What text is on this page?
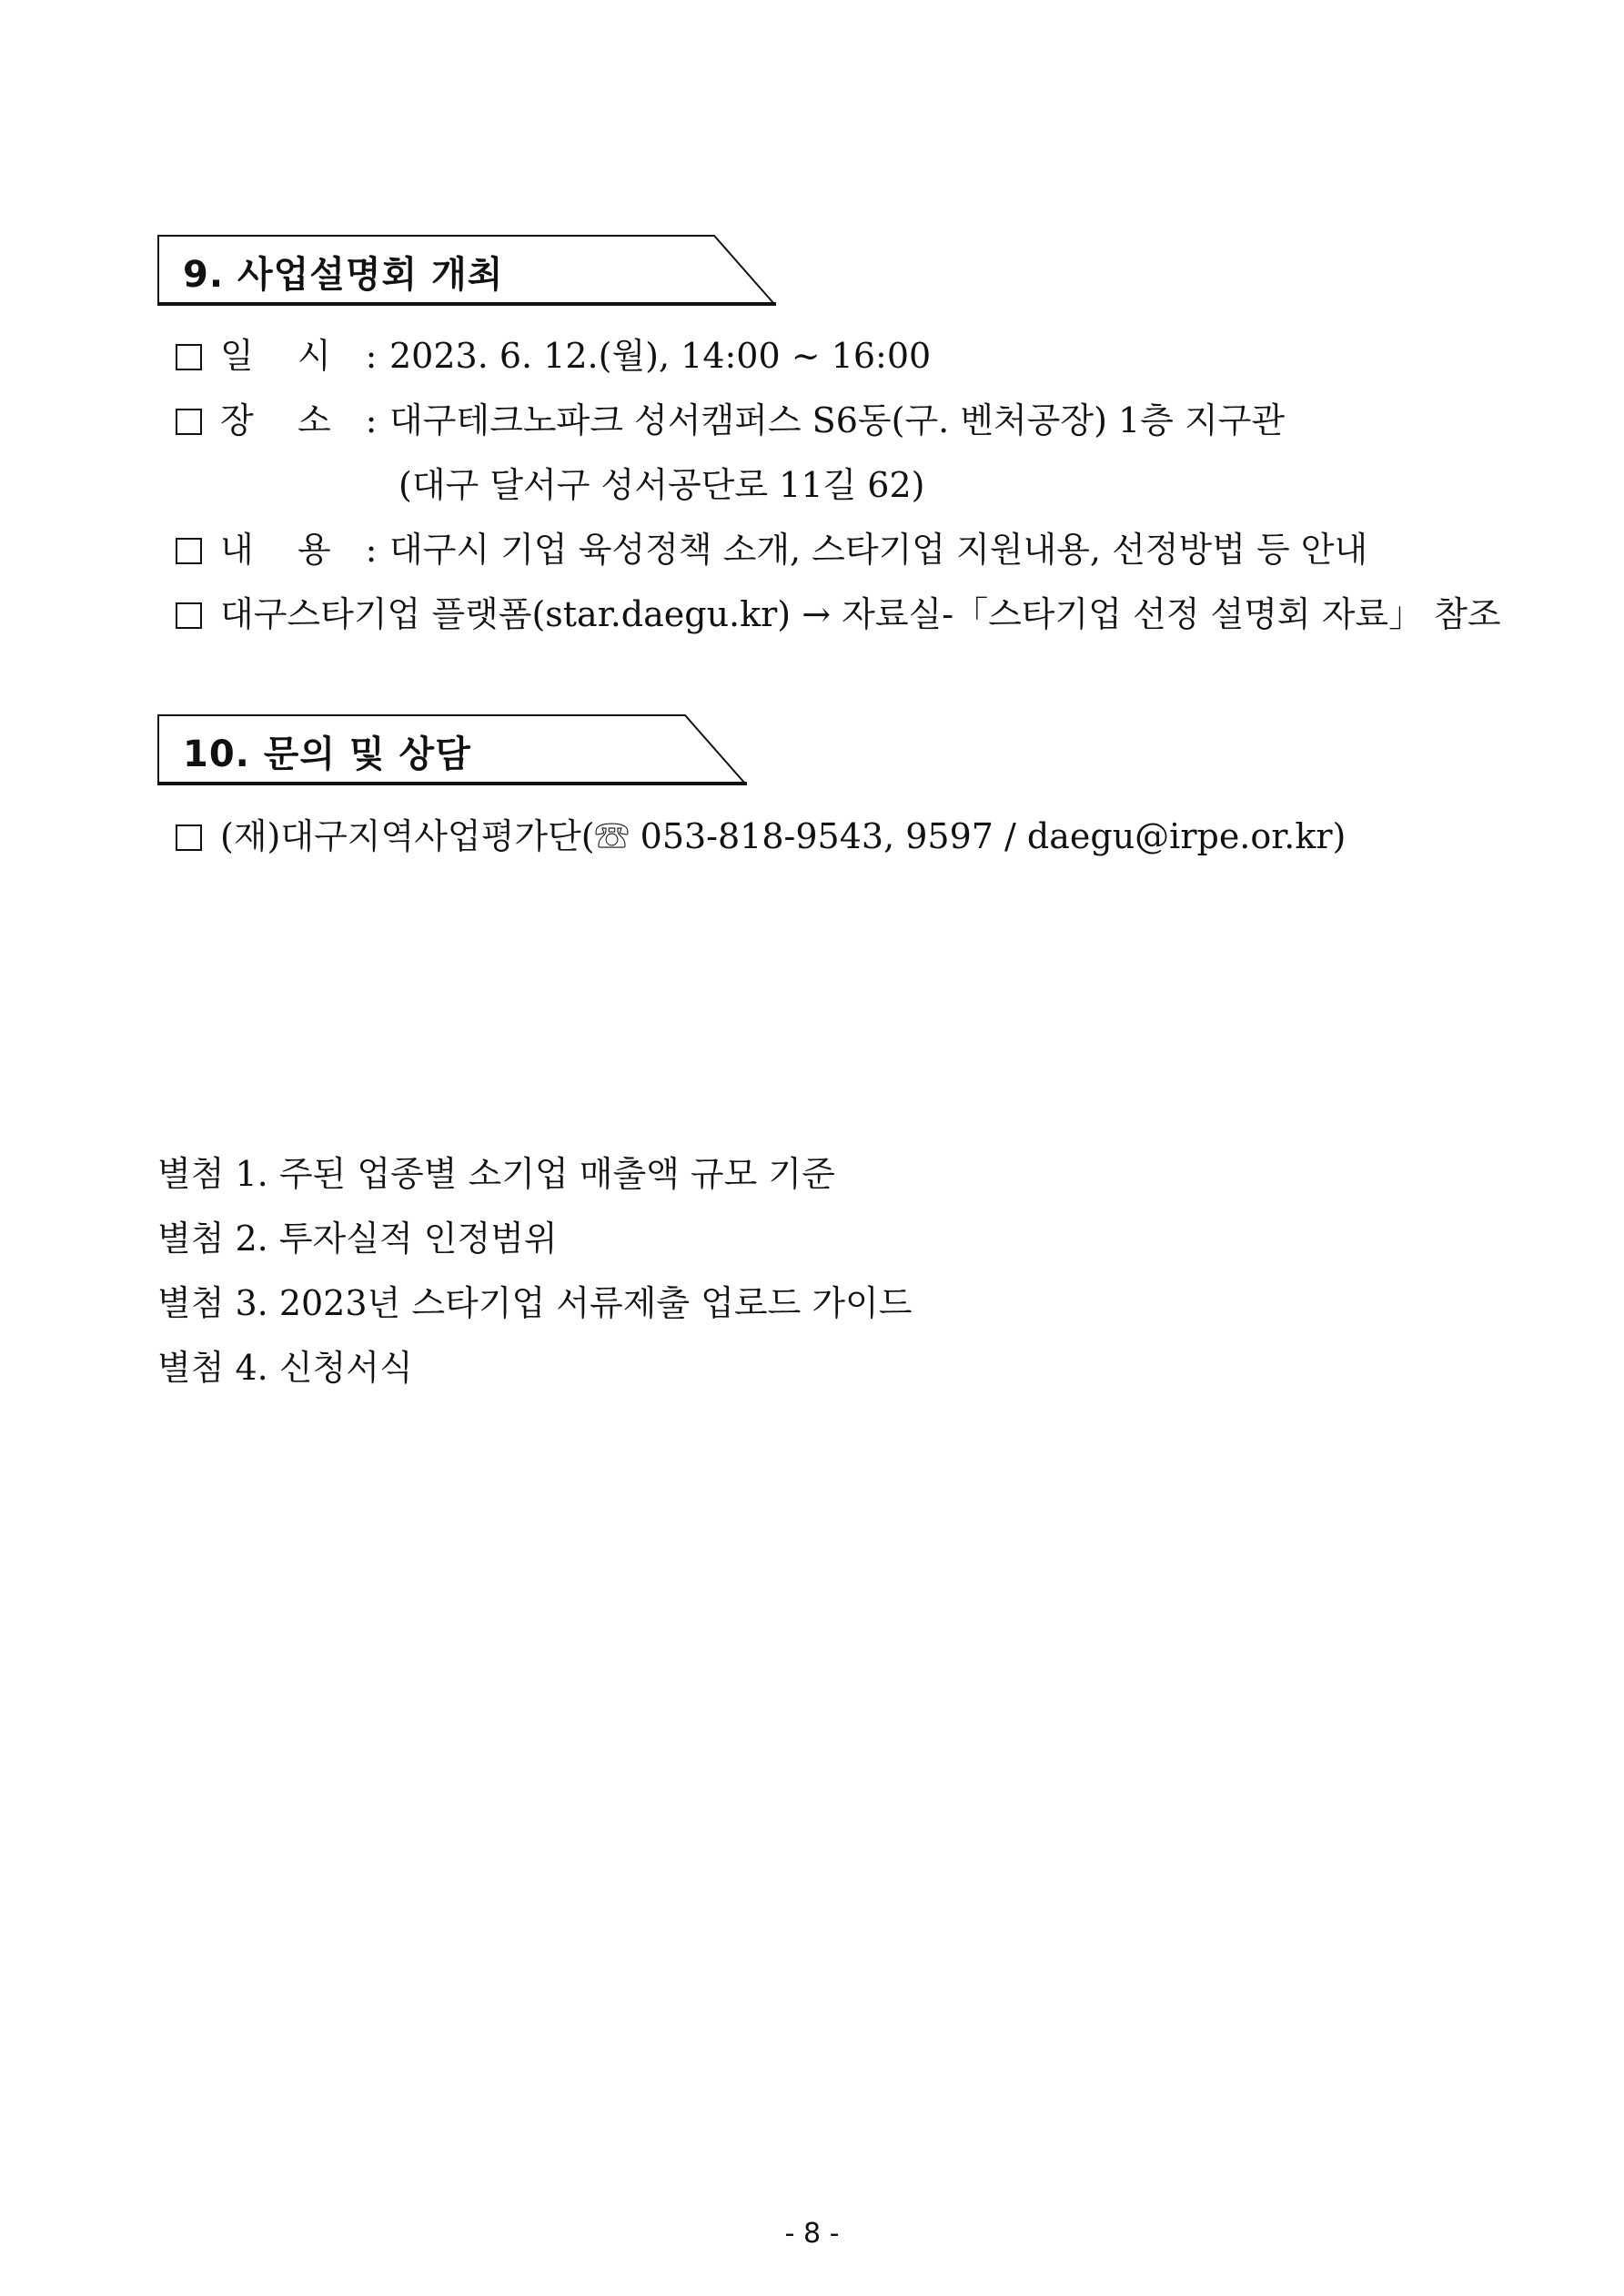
9. 사업설명회 개최
일    시 : 2023. 6. 12.(월), 14:00 ~ 16:00
장    소 : 대구테크노파크 성서캠퍼스 S6동(구. 벤처공장) 1층 지구관
(대구 달서구 성서공단로 11길 62)
내    용 : 대구시 기업 육성정책 소개, 스타기업 지원내용, 선정방법 등 안내
대구스타기업 플랫폼(star.daegu.kr) → 자료실-「스타기업 선정 설명회 자료」 참조
10. 문의 및 상담
(재)대구지역사업평가단(☏ 053-818-9543, 9597 / daegu@irpe.or.kr)
별첨 1. 주된 업종별 소기업 매출액 규모 기준
별첨 2. 투자실적 인정범위
별첨 3. 2023년 스타기업 서류제출 업로드 가이드
별첨 4. 신청서식
- 8 -
